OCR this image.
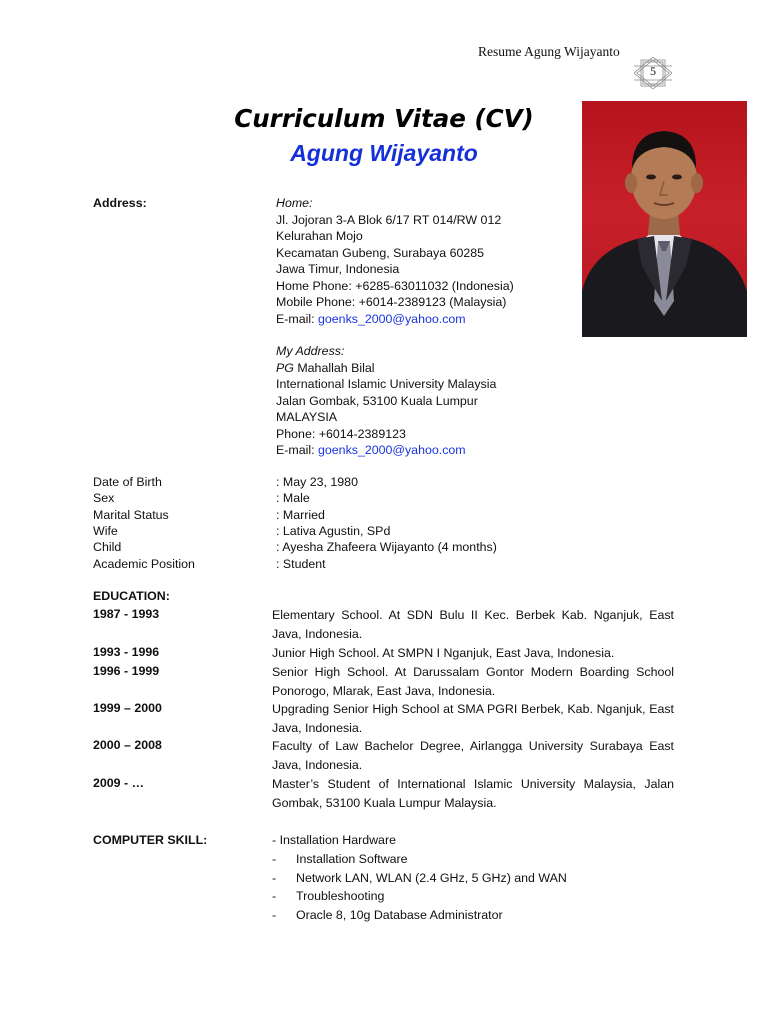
Resume Agung Wijayanto
5
Curriculum Vitae (CV)
Agung Wijayanto
Address:	Home:
Jl. Jojoran 3-A Blok 6/17 RT 014/RW 012
Kelurahan Mojo
Kecamatan Gubeng, Surabaya 60285
Jawa Timur, Indonesia
Home Phone: +6285-63011032 (Indonesia)
Mobile Phone: +6014-2389123 (Malaysia)
E-mail: goenks_2000@yahoo.com
My Address:
PG Mahallah Bilal
International Islamic University Malaysia
Jalan Gombak, 53100 Kuala Lumpur
MALAYSIA
Phone: +6014-2389123
E-mail: goenks_2000@yahoo.com
Date of Birth	: May 23, 1980
Sex	: Male
Marital Status	: Married
Wife	: Lativa Agustin, SPd
Child	: Ayesha Zhafeera Wijayanto (4 months)
Academic Position	: Student
EDUCATION:
1987 - 1993	Elementary School. At SDN Bulu II Kec. Berbek Kab. Nganjuk, East Java, Indonesia.
1993 - 1996	Junior High School. At SMPN I Nganjuk, East Java, Indonesia.
1996 - 1999	Senior High School. At Darussalam Gontor Modern Boarding School Ponorogo, Mlarak, East Java, Indonesia.
1999 – 2000	Upgrading Senior High School at SMA PGRI Berbek, Kab. Nganjuk, East Java, Indonesia.
2000 – 2008	Faculty of Law Bachelor Degree, Airlangga University Surabaya East Java, Indonesia.
2009 - …	Master’s Student of International Islamic University Malaysia, Jalan Gombak, 53100 Kuala Lumpur Malaysia.
COMPUTER SKILL:	- Installation Hardware
- Installation Software
- Network LAN, WLAN (2.4 GHz, 5 GHz) and WAN
- Troubleshooting
- Oracle 8, 10g Database Administrator
